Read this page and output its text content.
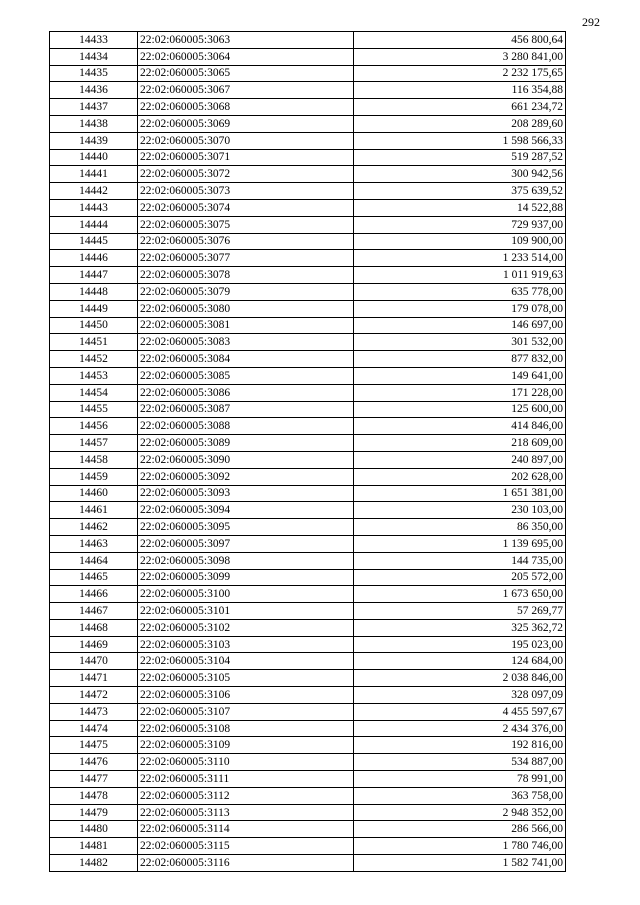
292
14433	22:02:060005:3063	456 800,64
14434	22:02:060005:3064	3 280 841,00
14435	22:02:060005:3065	2 232 175,65
14436	22:02:060005:3067	116 354,88
14437	22:02:060005:3068	661 234,72
14438	22:02:060005:3069	208 289,60
14439	22:02:060005:3070	1 598 566,33
14440	22:02:060005:3071	519 287,52
14441	22:02:060005:3072	300 942,56
14442	22:02:060005:3073	375 639,52
14443	22:02:060005:3074	14 522,88
14444	22:02:060005:3075	729 937,00
14445	22:02:060005:3076	109 900,00
14446	22:02:060005:3077	1 233 514,00
14447	22:02:060005:3078	1 011 919,63
14448	22:02:060005:3079	635 778,00
14449	22:02:060005:3080	179 078,00
14450	22:02:060005:3081	146 697,00
14451	22:02:060005:3083	301 532,00
14452	22:02:060005:3084	877 832,00
14453	22:02:060005:3085	149 641,00
14454	22:02:060005:3086	171 228,00
14455	22:02:060005:3087	125 600,00
14456	22:02:060005:3088	414 846,00
14457	22:02:060005:3089	218 609,00
14458	22:02:060005:3090	240 897,00
14459	22:02:060005:3092	202 628,00
14460	22:02:060005:3093	1 651 381,00
14461	22:02:060005:3094	230 103,00
14462	22:02:060005:3095	86 350,00
14463	22:02:060005:3097	1 139 695,00
14464	22:02:060005:3098	144 735,00
14465	22:02:060005:3099	205 572,00
14466	22:02:060005:3100	1 673 650,00
14467	22:02:060005:3101	57 269,77
14468	22:02:060005:3102	325 362,72
14469	22:02:060005:3103	195 023,00
14470	22:02:060005:3104	124 684,00
14471	22:02:060005:3105	2 038 846,00
14472	22:02:060005:3106	328 097,09
14473	22:02:060005:3107	4 455 597,67
14474	22:02:060005:3108	2 434 376,00
14475	22:02:060005:3109	192 816,00
14476	22:02:060005:3110	534 887,00
14477	22:02:060005:3111	78 991,00
14478	22:02:060005:3112	363 758,00
14479	22:02:060005:3113	2 948 352,00
14480	22:02:060005:3114	286 566,00
14481	22:02:060005:3115	1 780 746,00
14482	22:02:060005:3116	1 582 741,00
